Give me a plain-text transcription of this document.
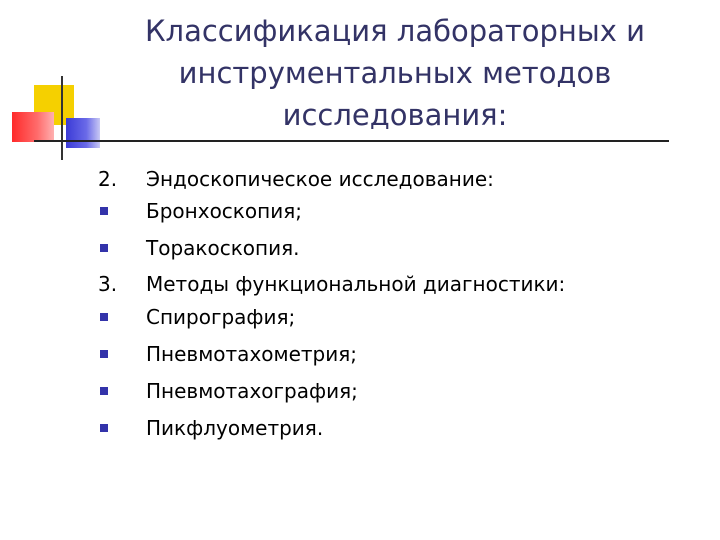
Классификация лабораторных и инструментальных методов исследования:
2. Эндоскопическое исследование:
Бронхоскопия;
Торакоскопия.
3. Методы функциональной диагностики:
Спирография;
Пневмотахометрия;
Пневмотахография;
Пикфлуометрия.
